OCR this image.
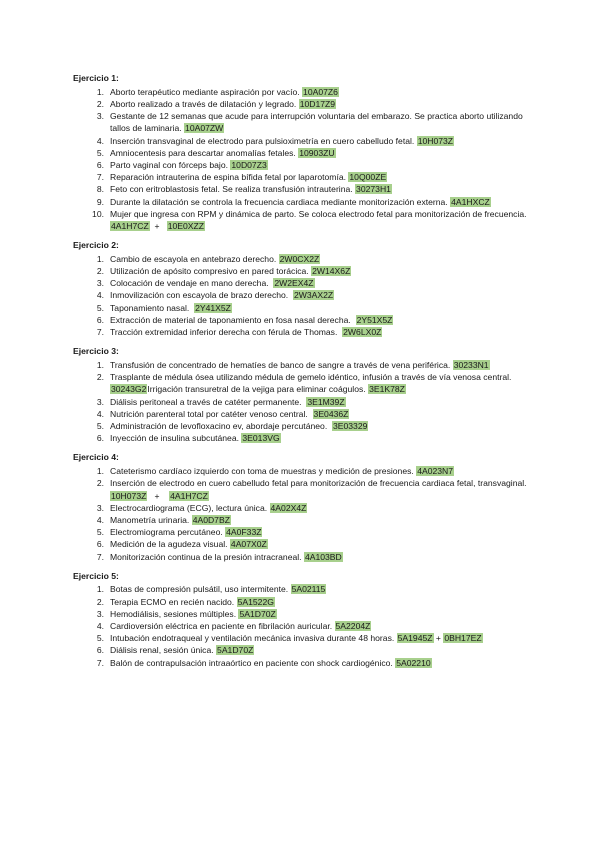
Ejercicio 1:
1. Aborto terapéutico mediante aspiración por vacío. 10A07Z6
2. Aborto realizado a través de dilatación y legrado. 10D17Z9
3. Gestante de 12 semanas que acude para interrupción voluntaria del embarazo. Se practica aborto utilizando tallos de laminaria. 10A07ZW
4. Inserción transvaginal de electrodo para pulsioximetría en cuero cabelludo fetal. 10H073Z
5. Amniocentesis para descartar anomalías fetales. 10903ZU
6. Parto vaginal con fórceps bajo. 10D07Z3
7. Reparación intrauterina de espina bífida fetal por laparotomía. 10Q00ZE
8. Feto con eritroblastosis fetal. Se realiza transfusión intrauterina. 30273H1
9. Durante la dilatación se controla la frecuencia cardiaca mediante monitorización externa. 4A1HXCZ
10. Mujer que ingresa con RPM y dinámica de parto. Se coloca electrodo fetal para monitorización de frecuencia. 4A1H7CZ  +   10E0XZZ
Ejercicio 2:
1. Cambio de escayola en antebrazo derecho. 2W0CX2Z
2. Utilización de apósito compresivo en pared torácica. 2W14X6Z
3. Colocación de vendaje en mano derecha.  2W2EX4Z
4. Inmovilización con escayola de brazo derecho.  2W3AX2Z
5. Taponamiento nasal.  2Y41X5Z
6. Extracción de material de taponamiento en fosa nasal derecha.  2Y51X5Z
7. Tracción extremidad inferior derecha con férula de Thomas.  2W6LX0Z
Ejercicio 3:
1. Transfusión de concentrado de hematíes de banco de sangre a través de vena periférica. 30233N1
2. Trasplante de médula ósea utilizando médula de gemelo idéntico, infusión a través de vía venosa central.  30243G2Irrigación transuretral de la vejiga para eliminar coágulos. 3E1K78Z
3. Diálisis peritoneal a través de catéter permanente.  3E1M39Z
4. Nutrición parenteral total por catéter venoso central.  3E0436Z
5. Administración de levofloxacino ev, abordaje percutáneo.  3E03329
6. Inyección de insulina subcutánea. 3E013VG
Ejercicio 4:
1. Cateterismo cardíaco izquierdo con toma de muestras y medición de presiones. 4A023N7
2. Inserción de electrodo en cuero cabelludo fetal para monitorización de frecuencia cardiaca fetal, transvaginal. 10H073Z   +    4A1H7CZ
3. Electrocardiograma (ECG), lectura única. 4A02X4Z
4. Manometría urinaria. 4A0D7BZ
5. Electromiograma percutáneo. 4A0F33Z
6. Medición de la agudeza visual. 4A07X0Z
7. Monitorización continua de la presión intracraneal. 4A103BD
Ejercicio 5:
1. Botas de compresión pulsátil, uso intermitente. 5A02115
2. Terapia ECMO en recién nacido. 5A1522G
3. Hemodiálisis, sesiones múltiples. 5A1D70Z
4. Cardioversión eléctrica en paciente en fibrilación auricular. 5A2204Z
5. Intubación endotraqueal y ventilación mecánica invasiva durante 48 horas. 5A1945Z + 0BH17EZ
6. Diálisis renal, sesión única. 5A1D70Z
7. Balón de contrapulsación intraaórtico en paciente con shock cardiogénico. 5A02210
